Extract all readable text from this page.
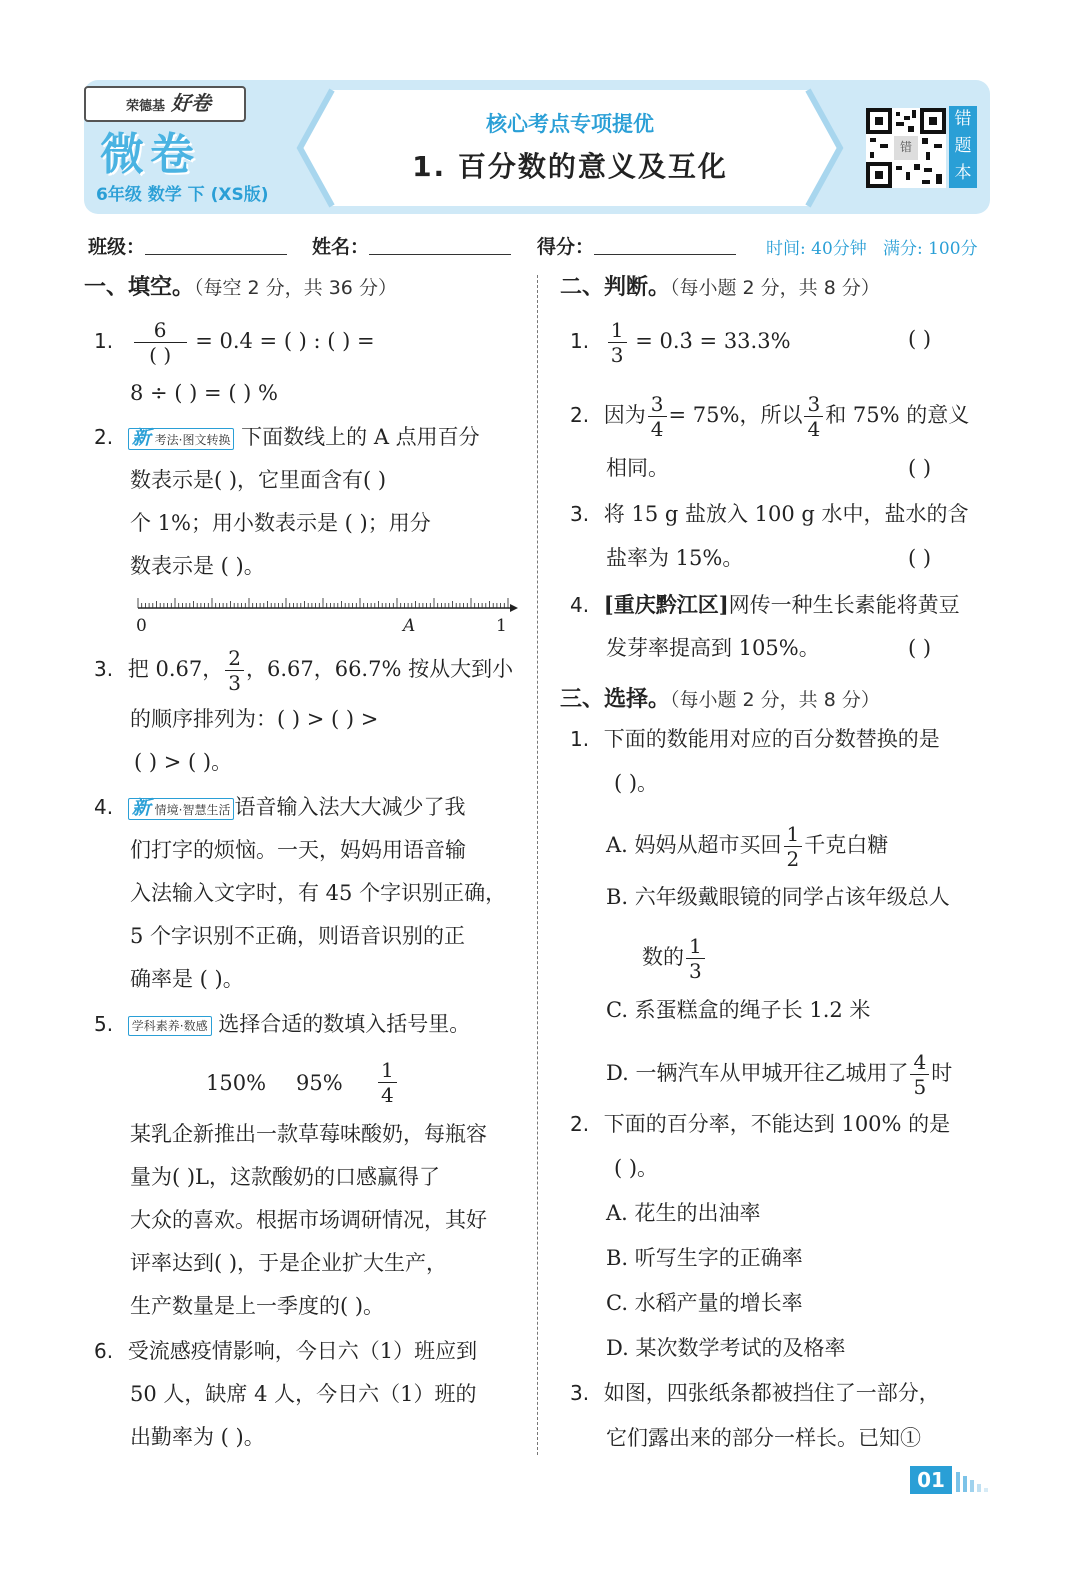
荣德基 好卷
微卷
6年级 数学 下 (XS版)
核心考点专项提优
1. 百分数的意义及互化
错
错
题
本
班级：	姓名：	得分：	时间: 40分钟 满分: 100分
一、填空。（每空 2 分，共 36 分）
1. $\frac{6}{( )} = 0.4$ = ( ) : ( ) =
8 ÷ ( ) = ( ) %
2. 新 考法·图文转换 下面数线上的 A 点用百分
数表示是( )，它里面含有( )
个 1%；用小数表示是 ( )；用分
数表示是 ( )。
0	A	1
3. 把 0.67， $\frac{2}{3}$ ，6.67，66.7% 按从大到小
的顺序排列为：( ) > ( ) >
( ) > ( )。
4. 新 情境·智慧生活 语音输入法大大减少了我
们打字的烦恼。一天，妈妈用语音输
入法输入文字时，有 45 个字识别正确，
5 个字识别不正确，则语音识别的正
确率是 ( )。
5. 学科素养·数感 选择合适的数填入括号里。
150% $95\% \frac{1}{4}$
某乳企新推出一款草莓味酸奶，每瓶容
量为( )L，这款酸奶的口感赢得了
大众的喜欢。根据市场调研情况，其好
评率达到( )，于是企业扩大生产，
生产数量是上一季度的( )。
6. 受流感疫情影响，今日六（1）班应到
50 人，缺席 4 人，今日六（1）班的
出勤率为 ( )。
二、判断。（每小题 2 分，共 8 分）
1. $\frac{1}{3}$ = 0.3̇ = 33.3%	( )
2. 因为 $\frac{3}{4} = 75\%$，所以 $\frac{3}{4}$ 和 75% 的意义
相同。	( )
3. 将 15 g 盐放入 100 g 水中，盐水的含
盐率为 15%。	( )
4. [重庆黔江区]网传一种生长素能将黄豆
发芽率提高到 105%。	( )
三、选择。（每小题 2 分，共 8 分）
1. 下面的数能用对应的百分数替换的是
( )。
A. 妈妈从超市买回 $\frac{1}{2}$ 千克白糖
B. 六年级戴眼镜的同学占该年级总人
数的 $\frac{1}{3}$
C. 系蛋糕盒的绳子长 1.2 米
D. 一辆汽车从甲城开往乙城用了 $\frac{4}{5}$ 时
2. 下面的百分率，不能达到 100% 的是
( )。
A. 花生的出油率
B. 听写生字的正确率
C. 水稻产量的增长率
D. 某次数学考试的及格率
3. 如图，四张纸条都被挡住了一部分，
它们露出来的部分一样长。已知①
01
